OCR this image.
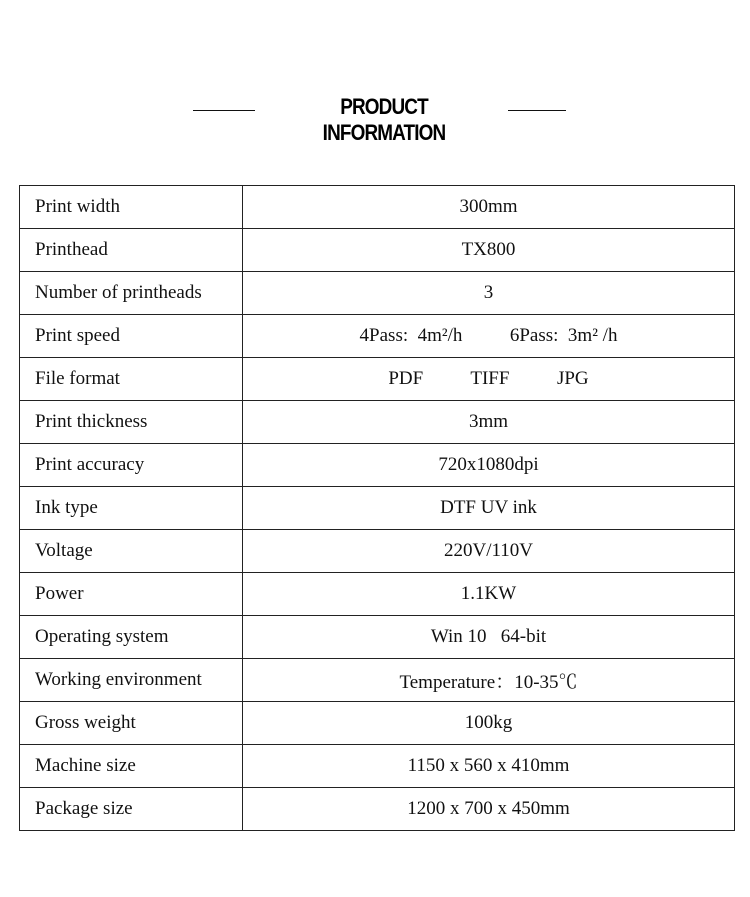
PRODUCT INFORMATION
Print width	300mm
Printhead	TX800
Number of printheads	3
Print speed	4Pass:  4m²/h          6Pass:  3m² /h
File format	PDF          TIFF          JPG
Print thickness	3mm
Print accuracy	720x1080dpi
Ink type	DTF UV ink
Voltage	220V/110V
Power	1.1KW
Operating system	Win 10   64-bit
Working environment	Temperature：10-35℃
Gross weight	100kg
Machine size	1150 x 560 x 410mm
Package size	1200 x 700 x 450mm
